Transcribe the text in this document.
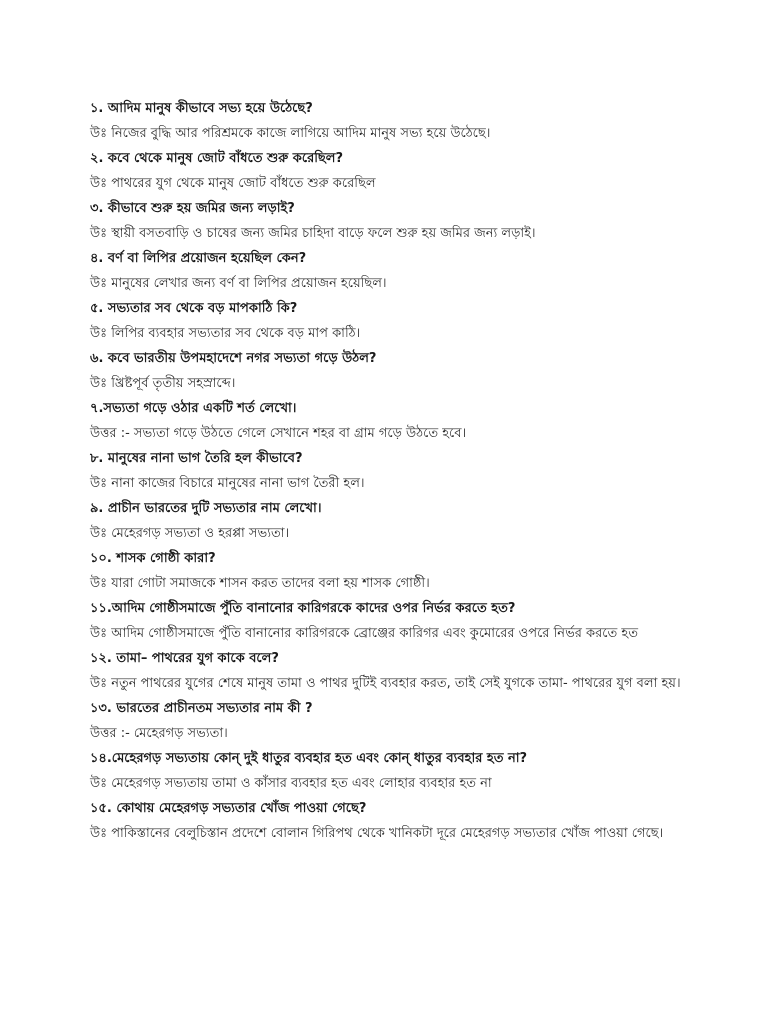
১. আদিম মানুষ কীভাবে সভ্য হয়ে উঠেছে?

উঃ নিজের বুদ্ধি আর পরিশ্রমকে কাজে লাগিয়ে আদিম মানুষ সভ্য হয়ে উঠেছে।

২. কবে থেকে মানুষ জোট বাঁধতে শুরু করেছিল?

উঃ পাথরের যুগ থেকে মানুষ জোট বাঁধতে শুরু করেছিল

৩. কীভাবে শুরু হয় জমির জন্য লড়াই?

উঃ স্থায়ী বসতবাড়ি ও চাষের জন্য জমির চাহিদা বাড়ে ফলে শুরু হয় জমির জন্য লড়াই।

৪. বর্ণ বা লিপির প্রয়োজন হয়েছিল কেন?

উঃ মানুষের লেখার জন্য বর্ণ বা লিপির প্রয়োজন হয়েছিল।

৫. সভ্যতার সব থেকে বড় মাপকাঠি কি?

উঃ লিপির ব্যবহার সভ্যতার সব থেকে বড় মাপ কাঠি।

৬. কবে ভারতীয় উপমহাদেশে নগর সভ্যতা গড়ে উঠল?

উঃ খ্রিষ্টপূর্ব তৃতীয় সহস্রাব্দে।

৭.সভ্যতা গড়ে ওঠার একটি শর্ত লেখো।

উত্তর :- সভ্যতা গড়ে উঠতে গেলে সেখানে শহর বা গ্রাম গড়ে উঠতে হবে।

৮. মানুষের নানা ভাগ তৈরি হল কীভাবে?

উঃ নানা কাজের বিচারে মানুষের নানা ভাগ তৈরী হল।

৯. প্রাচীন ভারতের দুটি সভ্যতার নাম লেখো।

উঃ মেহেরগড় সভ্যতা ও হরপ্পা সভ্যতা।

১০. শাসক গোষ্ঠী কারা?

উঃ যারা গোটা সমাজকে শাসন করত তাদের বলা হয় শাসক গোষ্ঠী।

১১.আদিম গোষ্ঠীসমাজে পুঁতি বানানোর কারিগরকে কাদের ওপর নির্ভর করতে হত?

উঃ আদিম গোষ্ঠীসমাজে পুঁতি বানানোর কারিগরকে ব্রোঞ্জের কারিগর এবং কুমোরের ওপরে নির্ভর করতে হত

১২. তামা– পাথরের যুগ কাকে বলে?

উঃ নতুন পাথরের যুগের শেষে মানুষ তামা ও পাথর দুটিই ব্যবহার করত, তাই সেই যুগকে তামা- পাথরের যুগ বলা হয়।

১৩. ভারতের প্রাচীনতম সভ্যতার নাম কী ?

উত্তর :- মেহেরগড় সভ্যতা।

১৪.মেহেরগড় সভ্যতায় কোন্ দুই ধাতুর ব্যবহার হত এবং কোন্ ধাতুর ব্যবহার হত না?

উঃ মেহেরগড় সভ্যতায় তামা ও কাঁসার ব্যবহার হত এবং লোহার ব্যবহার হত না

১৫. কোথায় মেহেরগড় সভ্যতার খোঁজ পাওয়া গেছে?

উঃ পাকিস্তানের বেলুচিস্তান প্রদেশে বোলান গিরিপথ থেকে খানিকটা দূরে মেহেরগড় সভ্যতার খোঁজ পাওয়া গেছে।
